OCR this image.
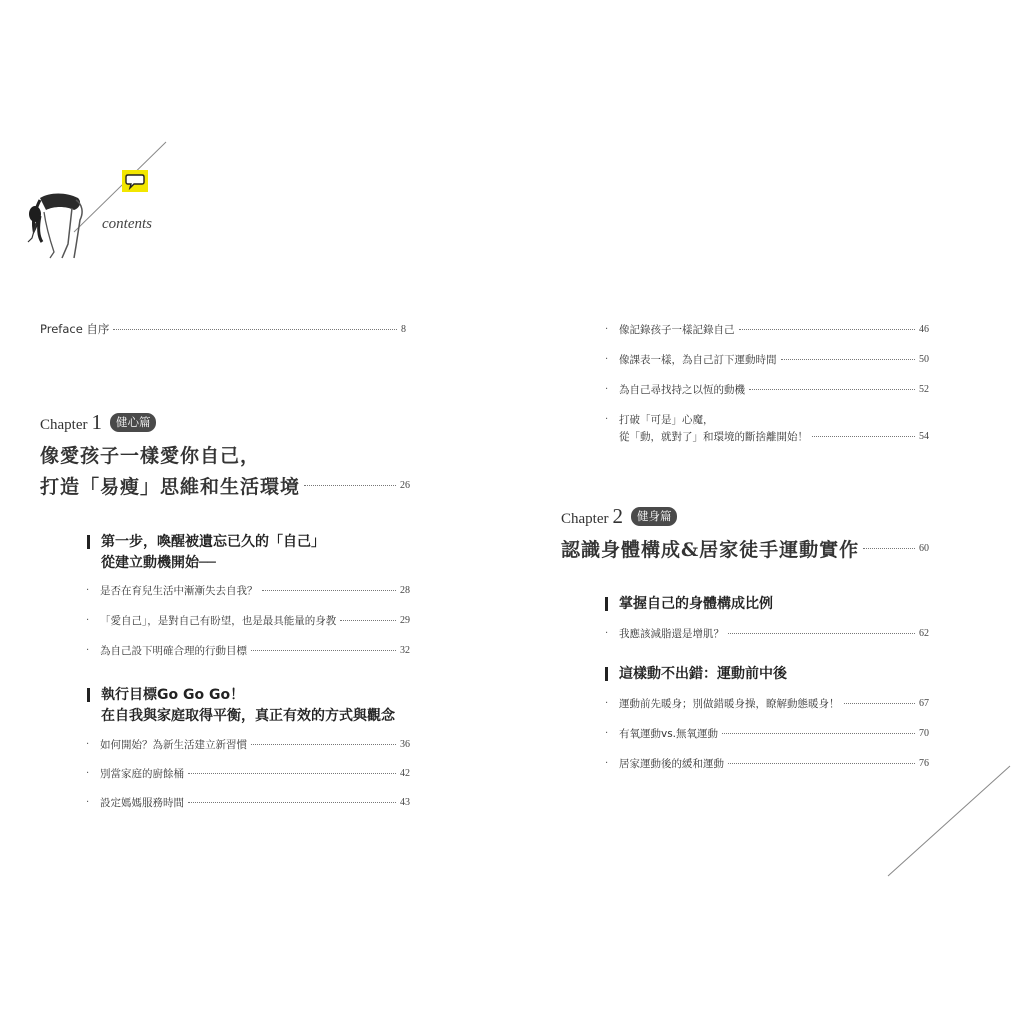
contents
Preface 自序	8
Chapter 1	健心篇
像愛孩子一樣愛你自己，
打造「易瘦」思維和生活環境	26
第一步，喚醒被遺忘已久的「自己」
從建立動機開始──
·	是否在育兒生活中漸漸失去自我？	28
·	「愛自己」，是對自己有盼望，也是最具能量的身教	29
·	為自己設下明確合理的行動目標	32
執行目標Go Go Go！
在自我與家庭取得平衡，真正有效的方式與觀念
·	如何開始？為新生活建立新習慣	36
·	別當家庭的廚餘桶	42
·	設定媽媽服務時間	43
·	像記錄孩子一樣記錄自己	46
·	像課表一樣，為自己訂下運動時間	50
·	為自己尋找持之以恆的動機	52
·	打破「可是」心魔，
從「動，就對了」和環境的斷捨離開始！	54
Chapter 2	健身篇
認識身體構成&居家徒手運動實作	60
掌握自己的身體構成比例
·	我應該減脂還是增肌？	62
這樣動不出錯：運動前中後
·	運動前先暖身；別做錯暖身操，瞭解動態暖身！	67
·	有氧運動vs.無氧運動	70
·	居家運動後的緩和運動	76
